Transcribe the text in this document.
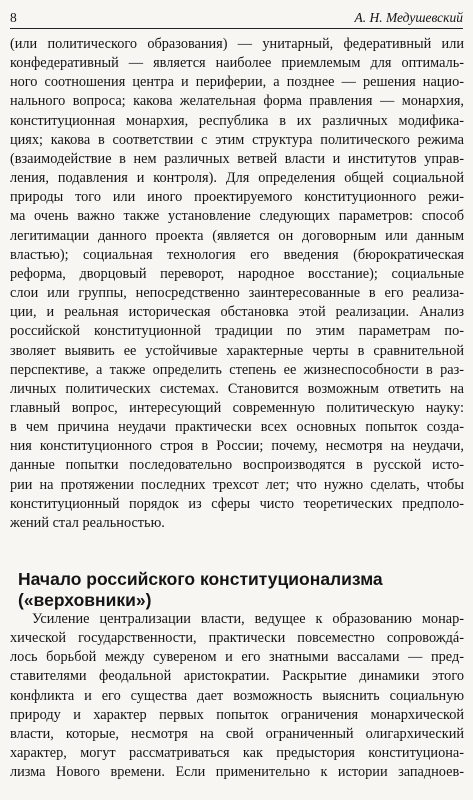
8	А. Н. Медушевский
(или политического образования) — унитарный, федеративный или
конфедеративный — является наиболее приемлемым для оптималь-
ного соотношения центра и периферии, а позднее — решения нацио-
нального вопроса; какова желательная форма правления — монархия,
конституционная монархия, республика в их различных модифика-
циях; какова в соответствии с этим структура политического режима
(взаимодействие в нем различных ветвей власти и институтов управ-
ления, подавления и контроля). Для определения общей социальной
природы того или иного проектируемого конституционного режи-
ма очень важно также установление следующих параметров: способ
легитимации данного проекта (является он договорным или данным
властью); социальная технология его введения (бюрократическая
реформа, дворцовый переворот, народное восстание); социальные
слои или группы, непосредственно заинтересованные в его реализа-
ции, и реальная историческая обстановка этой реализации. Анализ
российской конституционной традиции по этим параметрам по-
зволяет выявить ее устойчивые характерные черты в сравнительной
перспективе, а также определить степень ее жизнеспособности в раз-
личных политических системах. Становится возможным ответить на
главный вопрос, интересующий современную политическую науку:
в чем причина неудачи практически всех основных попыток созда-
ния конституционного строя в России; почему, несмотря на неудачи,
данные попытки последовательно воспроизводятся в русской исто-
рии на протяжении последних трехсот лет; что нужно сделать, чтобы
конституционный порядок из сферы чисто теоретических предполо-
жений стал реальностью.
Начало российского конституционализма
(«верховники»)
Усиление централизации власти, ведущее к образованию монар-
хической государственности, практически повсеместно сопровождá-
лось борьбой между сувереном и его знатными вассалами — пред-
ставителями феодальной аристократии. Раскрытие динамики этого
конфликта и его существа дает возможность выяснить социальную
природу и характер первых попыток ограничения монархической
власти, которые, несмотря на свой ограниченный олигархический
характер, могут рассматриваться как предыстория конституциона-
лизма Нового времени. Если применительно к истории западноев-
